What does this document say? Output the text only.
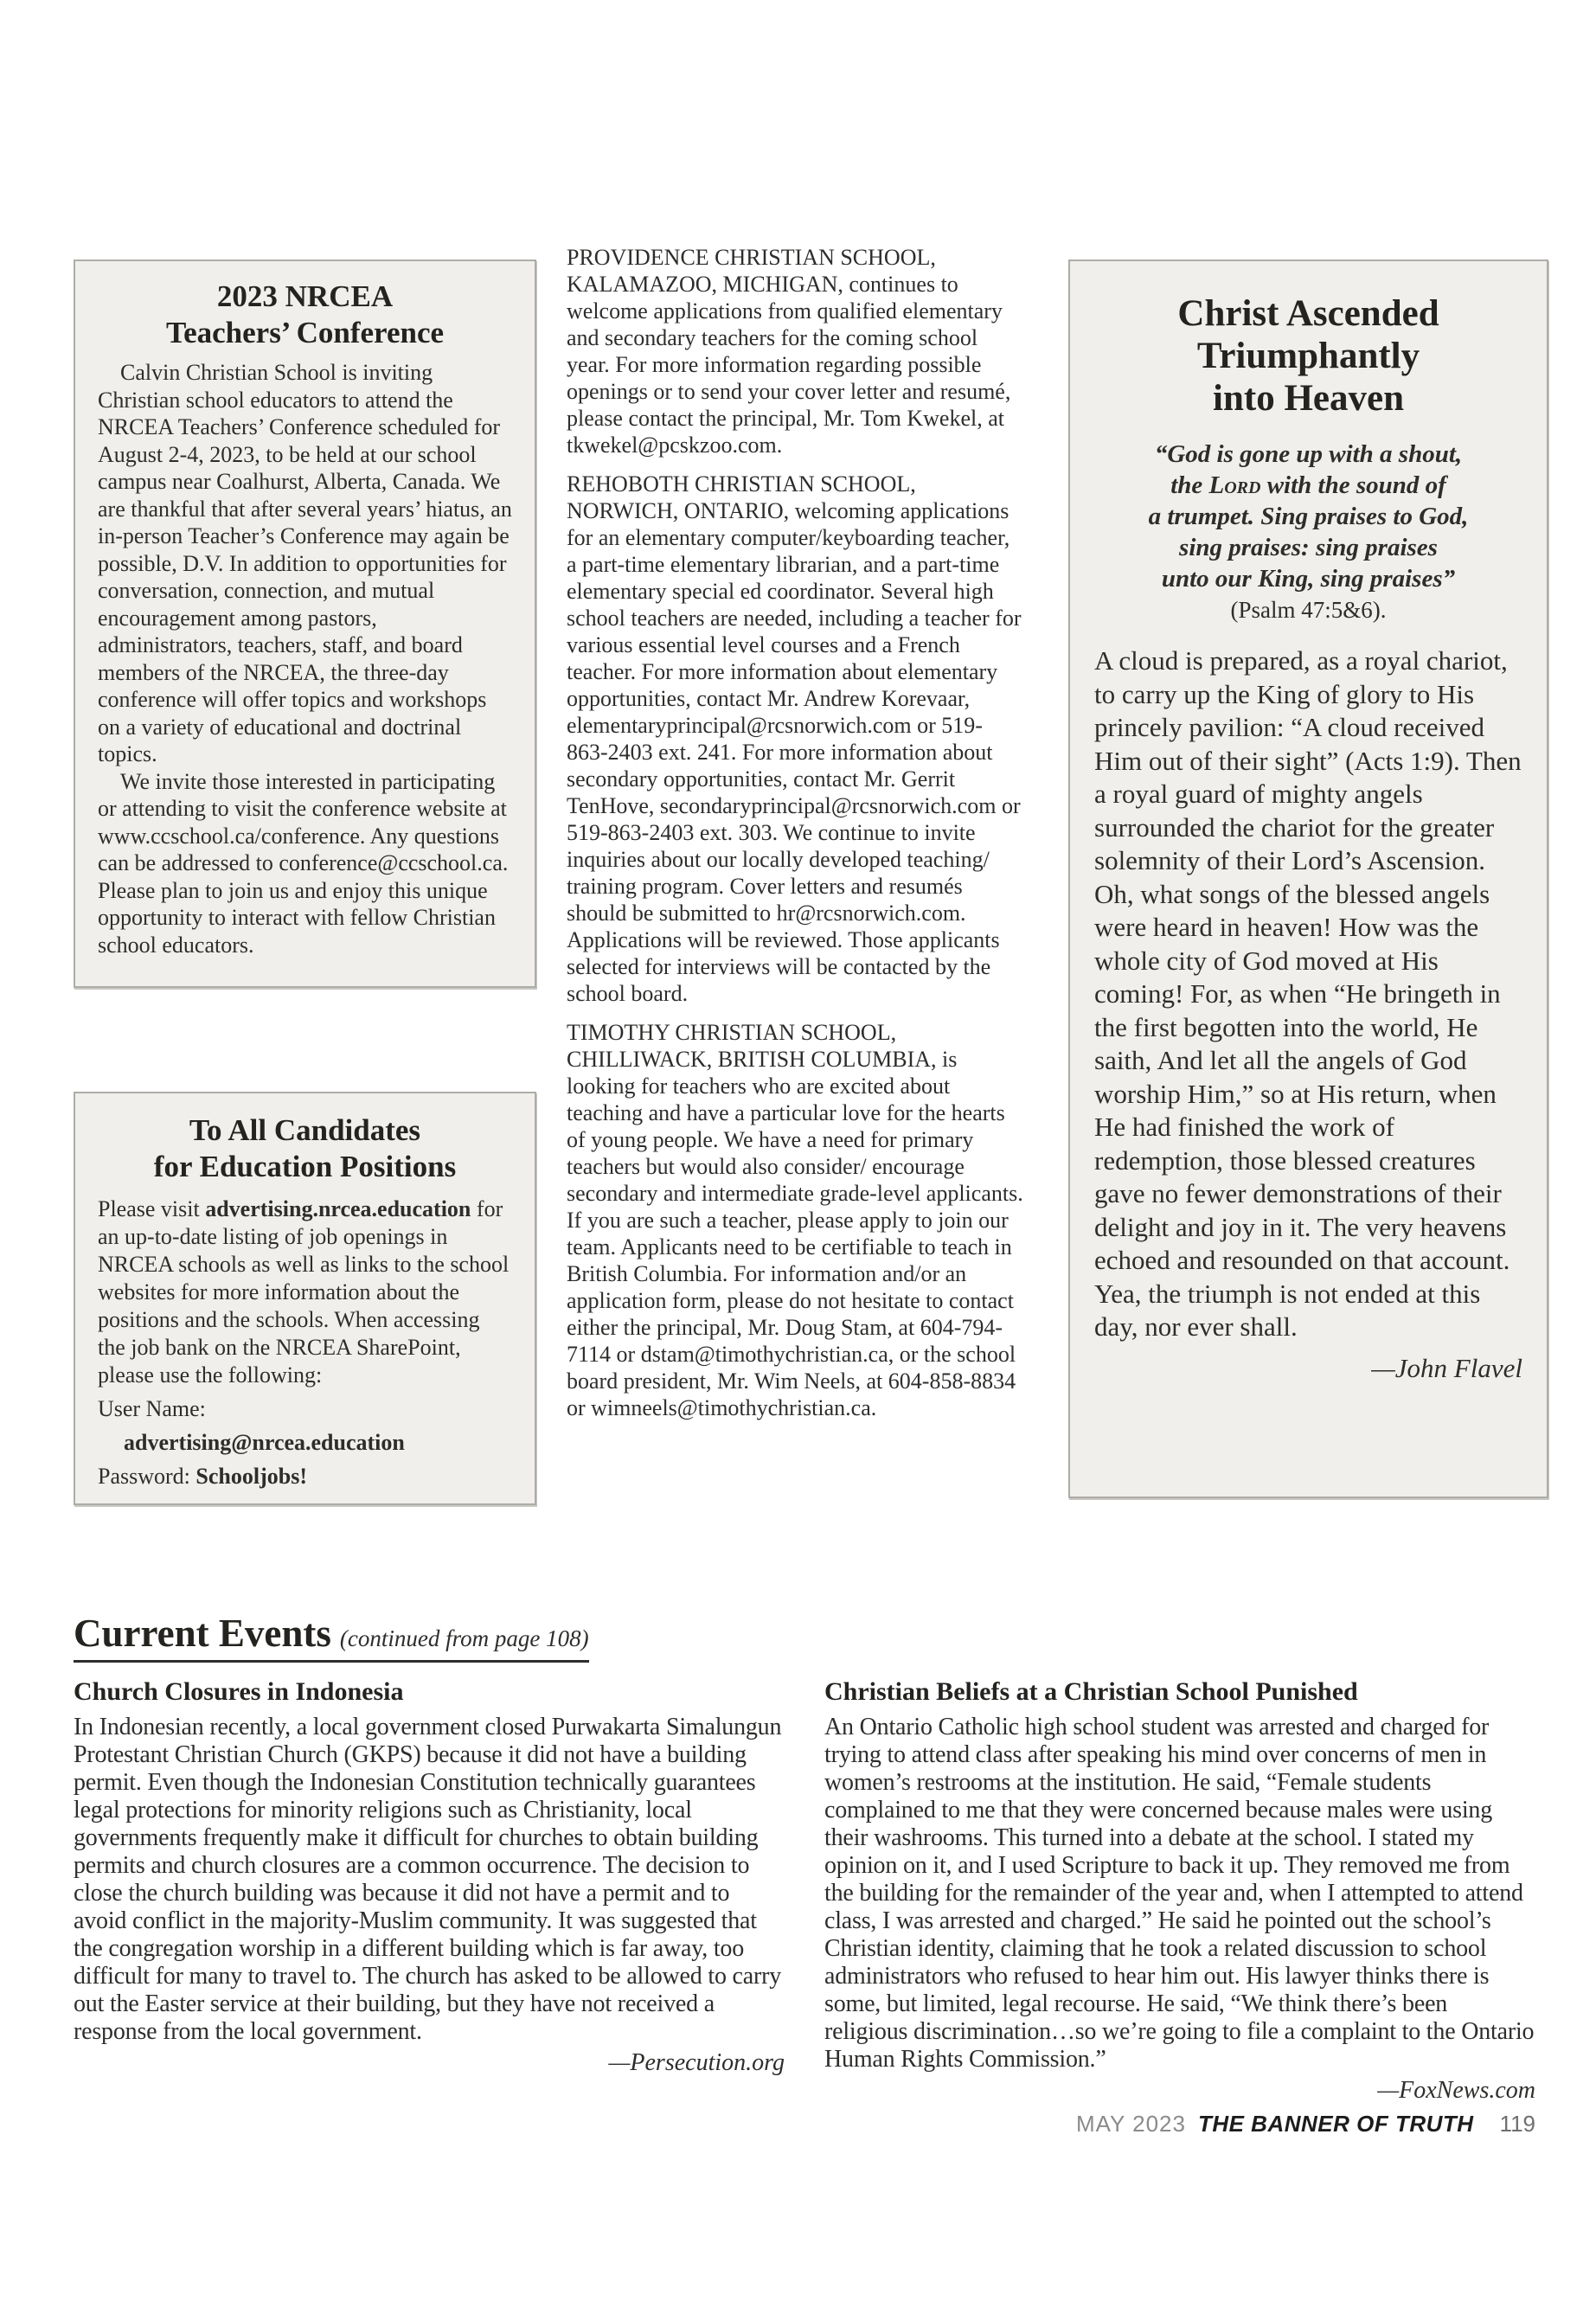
2023 NRCEA
Teachers’ Conference

Calvin Christian School is inviting Christian school educators to attend the NRCEA Teachers’ Conference scheduled for August 2-4, 2023, to be held at our school campus near Coalhurst, Alberta, Canada. We are thankful that after several years’ hiatus, an in-person Teacher’s Conference may again be possible, D.V. In addition to opportunities for conversation, connection, and mutual encouragement among pastors, administrators, teachers, staff, and board members of the NRCEA, the three-day conference will offer topics and workshops on a variety of educational and doctrinal topics.

We invite those interested in participating or attending to visit the conference website at www.ccschool.ca/conference. Any questions can be addressed to conference@ccschool.ca. Please plan to join us and enjoy this unique opportunity to interact with fellow Christian school educators.

To All Candidates
for Education Positions

Please visit advertising.nrcea.education for an up-to-date listing of job openings in NRCEA schools as well as links to the school websites for more information about the positions and the schools. When accessing the job bank on the NRCEA SharePoint, please use the following:

User Name:
advertising@nrcea.education
Password: Schooljobs!

PROVIDENCE CHRISTIAN SCHOOL, KALAMAZOO, MICHIGAN, continues to welcome applications from qualified elementary and secondary teachers for the coming school year. For more information regarding possible openings or to send your cover letter and resumé, please contact the principal, Mr. Tom Kwekel, at tkwekel@pcskzoo.com.

REHOBOTH CHRISTIAN SCHOOL, NORWICH, ONTARIO, welcoming applications for an elementary computer/keyboarding teacher, a part-time elementary librarian, and a part-time elementary special ed coordinator. Several high school teachers are needed, including a teacher for various essential level courses and a French teacher. For more information about elementary opportunities, contact Mr. Andrew Korevaar, elementaryprincipal@rcsnorwich.com or 519-863-2403 ext. 241. For more information about secondary opportunities, contact Mr. Gerrit TenHove, secondaryprincipal@rcsnorwich.com or 519-863-2403 ext. 303. We continue to invite inquiries about our locally developed teaching/ training program. Cover letters and resumés should be submitted to hr@rcsnorwich.com. Applications will be reviewed. Those applicants selected for interviews will be contacted by the school board.

TIMOTHY CHRISTIAN SCHOOL, CHILLIWACK, BRITISH COLUMBIA, is looking for teachers who are excited about teaching and have a particular love for the hearts of young people. We have a need for primary teachers but would also consider/ encourage secondary and intermediate grade-level applicants. If you are such a teacher, please apply to join our team. Applicants need to be certifiable to teach in British Columbia. For information and/or an application form, please do not hesitate to contact either the principal, Mr. Doug Stam, at 604-794-7114 or dstam@timothychristian.ca, or the school board president, Mr. Wim Neels, at 604-858-8834 or wimneels@timothychristian.ca.

Christ Ascended
Triumphantly
into Heaven
“God is gone up with a shout,
the Lord with the sound of
a trumpet. Sing praises to God,
sing praises: sing praises
unto our King, sing praises”
(Psalm 47:5&6).

A cloud is prepared, as a royal chariot, to carry up the King of glory to His princely pavilion: “A cloud received Him out of their sight” (Acts 1:9). Then a royal guard of mighty angels surrounded the chariot for the greater solemnity of their Lord’s Ascension. Oh, what songs of the blessed angels were heard in heaven! How was the whole city of God moved at His coming! For, as when “He bringeth in the first begotten into the world, He saith, And let all the angels of God worship Him,” so at His return, when He had finished the work of redemption, those blessed creatures gave no fewer demonstrations of their delight and joy in it. The very heavens echoed and resounded on that account. Yea, the triumph is not ended at this day, nor ever shall.

—John Flavel
Current Events (continued from page 108)
Church Closures in Indonesia

In Indonesian recently, a local government closed Purwakarta Simalungun Protestant Christian Church (GKPS) because it did not have a building permit. Even though the Indonesian Constitution technically guarantees legal protections for minority religions such as Christianity, local governments frequently make it difficult for churches to obtain building permits and church closures are a common occurrence. The decision to close the church building was because it did not have a permit and to avoid conflict in the majority-Muslim community. It was suggested that the congregation worship in a different building which is far away, too difficult for many to travel to. The church has asked to be allowed to carry out the Easter service at their building, but they have not received a response from the local government.

—Persecution.org
Christian Beliefs at a Christian School Punished

An Ontario Catholic high school student was arrested and charged for trying to attend class after speaking his mind over concerns of men in women’s restrooms at the institution. He said, “Female students complained to me that they were concerned because males were using their washrooms. This turned into a debate at the school. I stated my opinion on it, and I used Scripture to back it up. They removed me from the building for the remainder of the year and, when I attempted to attend class, I was arrested and charged.” He said he pointed out the school’s Christian identity, claiming that he took a related discussion to school administrators who refused to hear him out. His lawyer thinks there is some, but limited, legal recourse. He said, “We think there’s been religious discrimination…so we’re going to file a complaint to the Ontario Human Rights Commission.”

—FoxNews.com
MAY 2023 THE BANNER OF TRUTH 119
